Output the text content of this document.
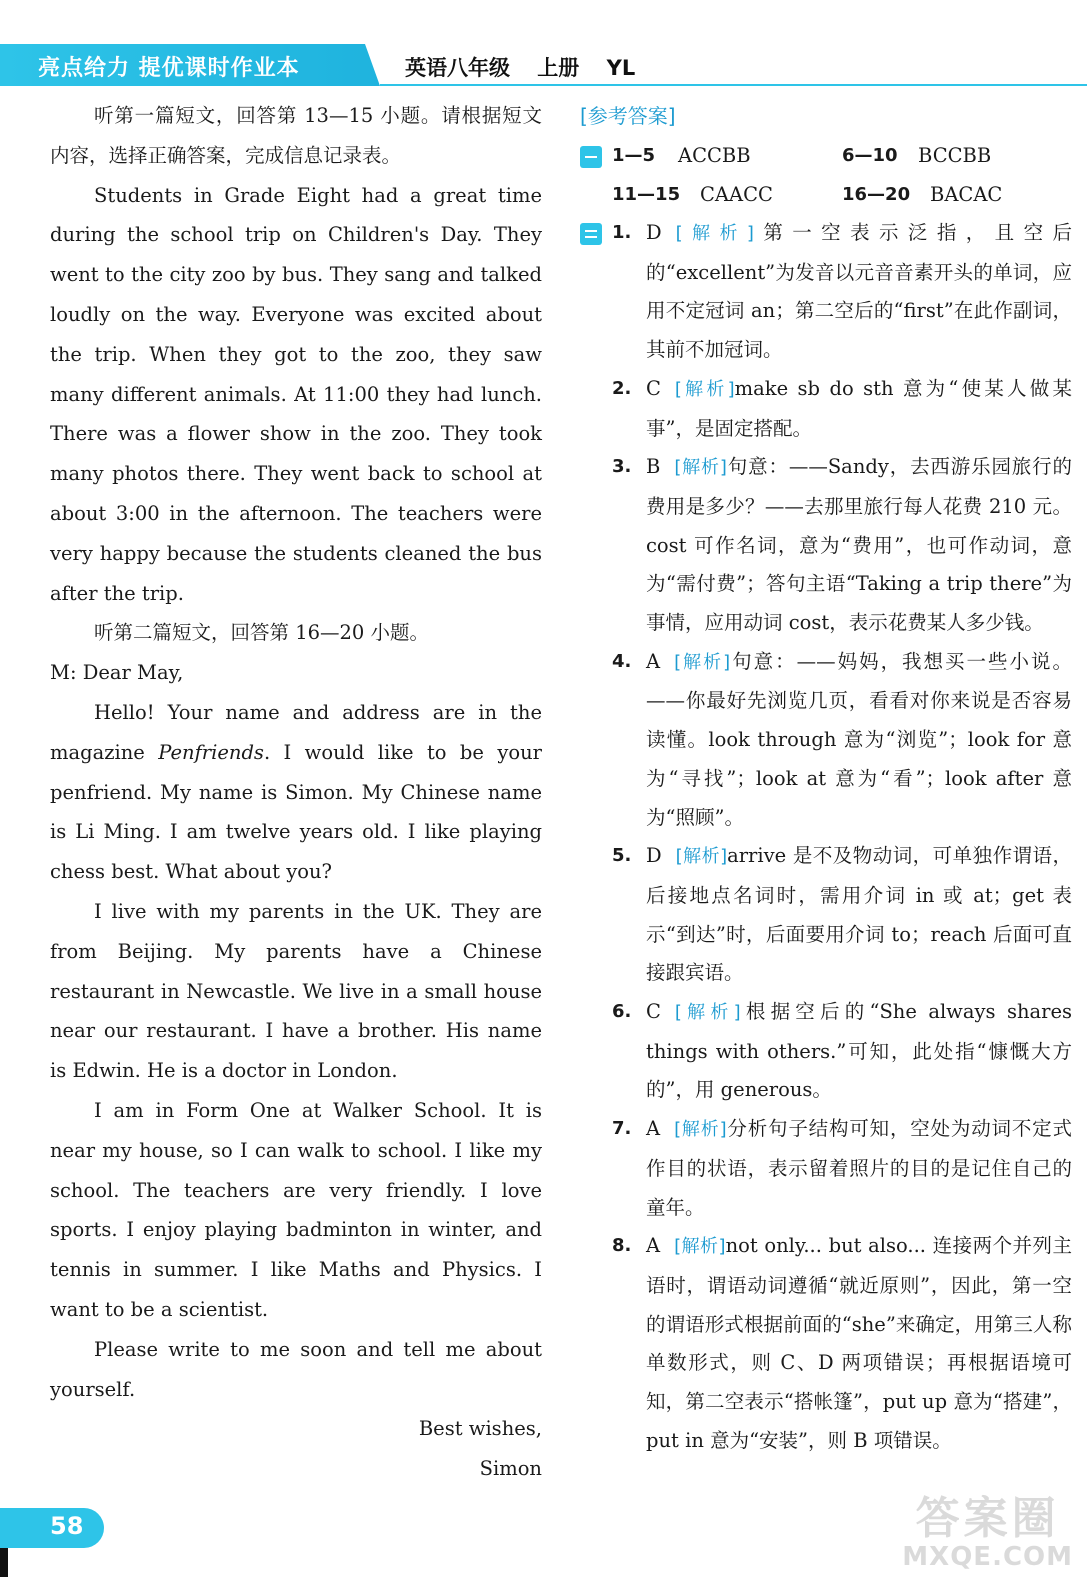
亮点给力 提优课时作业本	英语八年级 上册 YL

听第一篇短文，回答第 13—15 小题。请根据短文内容，选择正确答案，完成信息记录表。

Students in Grade Eight had a great time during the school trip on Children's Day. They went to the city zoo by bus. They sang and talked loudly on the way. Everyone was excited about the trip. When they got to the zoo, they saw many different animals. At 11:00 they had lunch. There was a flower show in the zoo. They took many photos there. They went back to school at about 3:00 in the afternoon. The teachers were very happy because the students cleaned the bus after the trip.

听第二篇短文，回答第 16—20 小题。

M: Dear May,

Hello! Your name and address are in the magazine Penfriends. I would like to be your penfriend. My name is Simon. My Chinese name is Li Ming. I am twelve years old. I like playing chess best. What about you?

I live with my parents in the UK. They are from Beijing. My parents have a Chinese restaurant in Newcastle. We live in a small house near our restaurant. I have a brother. His name is Edwin. He is a doctor in London.

I am in Form One at Walker School. It is near my house, so I can walk to school. I like my school. The teachers are very friendly. I love sports. I enjoy playing badminton in winter, and tennis in summer. I like Maths and Physics. I want to be a scientist.

Please write to me soon and tell me about yourself.

Best wishes,

Simon

[参考答案]
1—5 ACCBB	6—10 BCCBB
11—15 CAACC	16—20 BACAC
1. D [解析]第一空表示泛指，且空后的“excellent”为发音以元音音素开头的单词，应用不定冠词 an；第二空后的“first”在此作副词，其前不加冠词。
2. C [解析]make sb do sth 意为“使某人做某事”，是固定搭配。
3. B [解析]句意：——Sandy，去西游乐园旅行的费用是多少？——去那里旅行每人花费 210 元。cost 可作名词，意为“费用”，也可作动词，意为“需付费”；答句主语“Taking a trip there”为事情，应用动词 cost，表示花费某人多少钱。
4. A [解析]句意：——妈妈，我想买一些小说。——你最好先浏览几页，看看对你来说是否容易读懂。look through 意为“浏览”；look for 意为“寻找”；look at 意为“看”；look after 意为“照顾”。
5. D [解析]arrive 是不及物动词，可单独作谓语，后接地点名词时，需用介词 in 或 at；get 表示“到达”时，后面要用介词 to；reach 后面可直接跟宾语。
6. C [解析]根据空后的“She always shares things with others.”可知，此处指“慷慨大方的”，用 generous。
7. A [解析]分析句子结构可知，空处为动词不定式作目的状语，表示留着照片的目的是记住自己的童年。
8. A [解析]not only... but also... 连接两个并列主语时，谓语动词遵循“就近原则”，因此，第一空的谓语形式根据前面的“she”来确定，用第三人称单数形式，则 C、D 两项错误；再根据语境可知，第二空表示“搭帐篷”，put up 意为“搭建”，put in 意为“安装”，则 B 项错误。
58	答案圈
MXQE.COM
